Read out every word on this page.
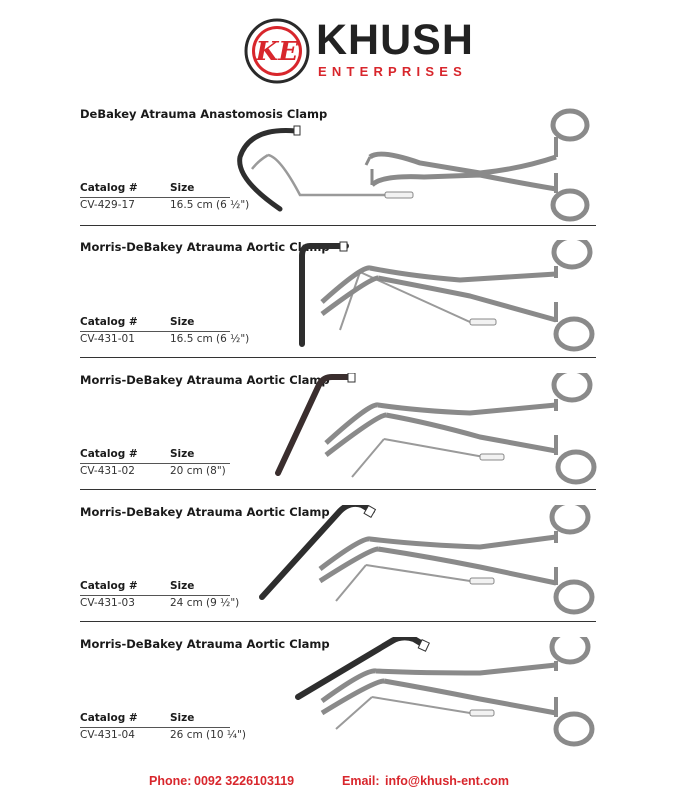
KE KHUSH
ENTERPRISES
DeBakey Atrauma Anastomosis Clamp
Catalog #	Size
CV-429-17	16.5 cm (6 ½")
Morris-DeBakey Atrauma Aortic Clamp
Catalog #	Size
CV-431-01	16.5 cm (6 ½")
Morris-DeBakey Atrauma Aortic Clamp
Catalog #	Size
CV-431-02	20 cm (8")
Morris-DeBakey Atrauma Aortic Clamp
Catalog #	Size
CV-431-03	24 cm (9 ½")
Morris-DeBakey Atrauma Aortic Clamp
Catalog #	Size
CV-431-04	26 cm (10 ¼")
Phone: 0092 3226103119	Email: info@khush-ent.com
